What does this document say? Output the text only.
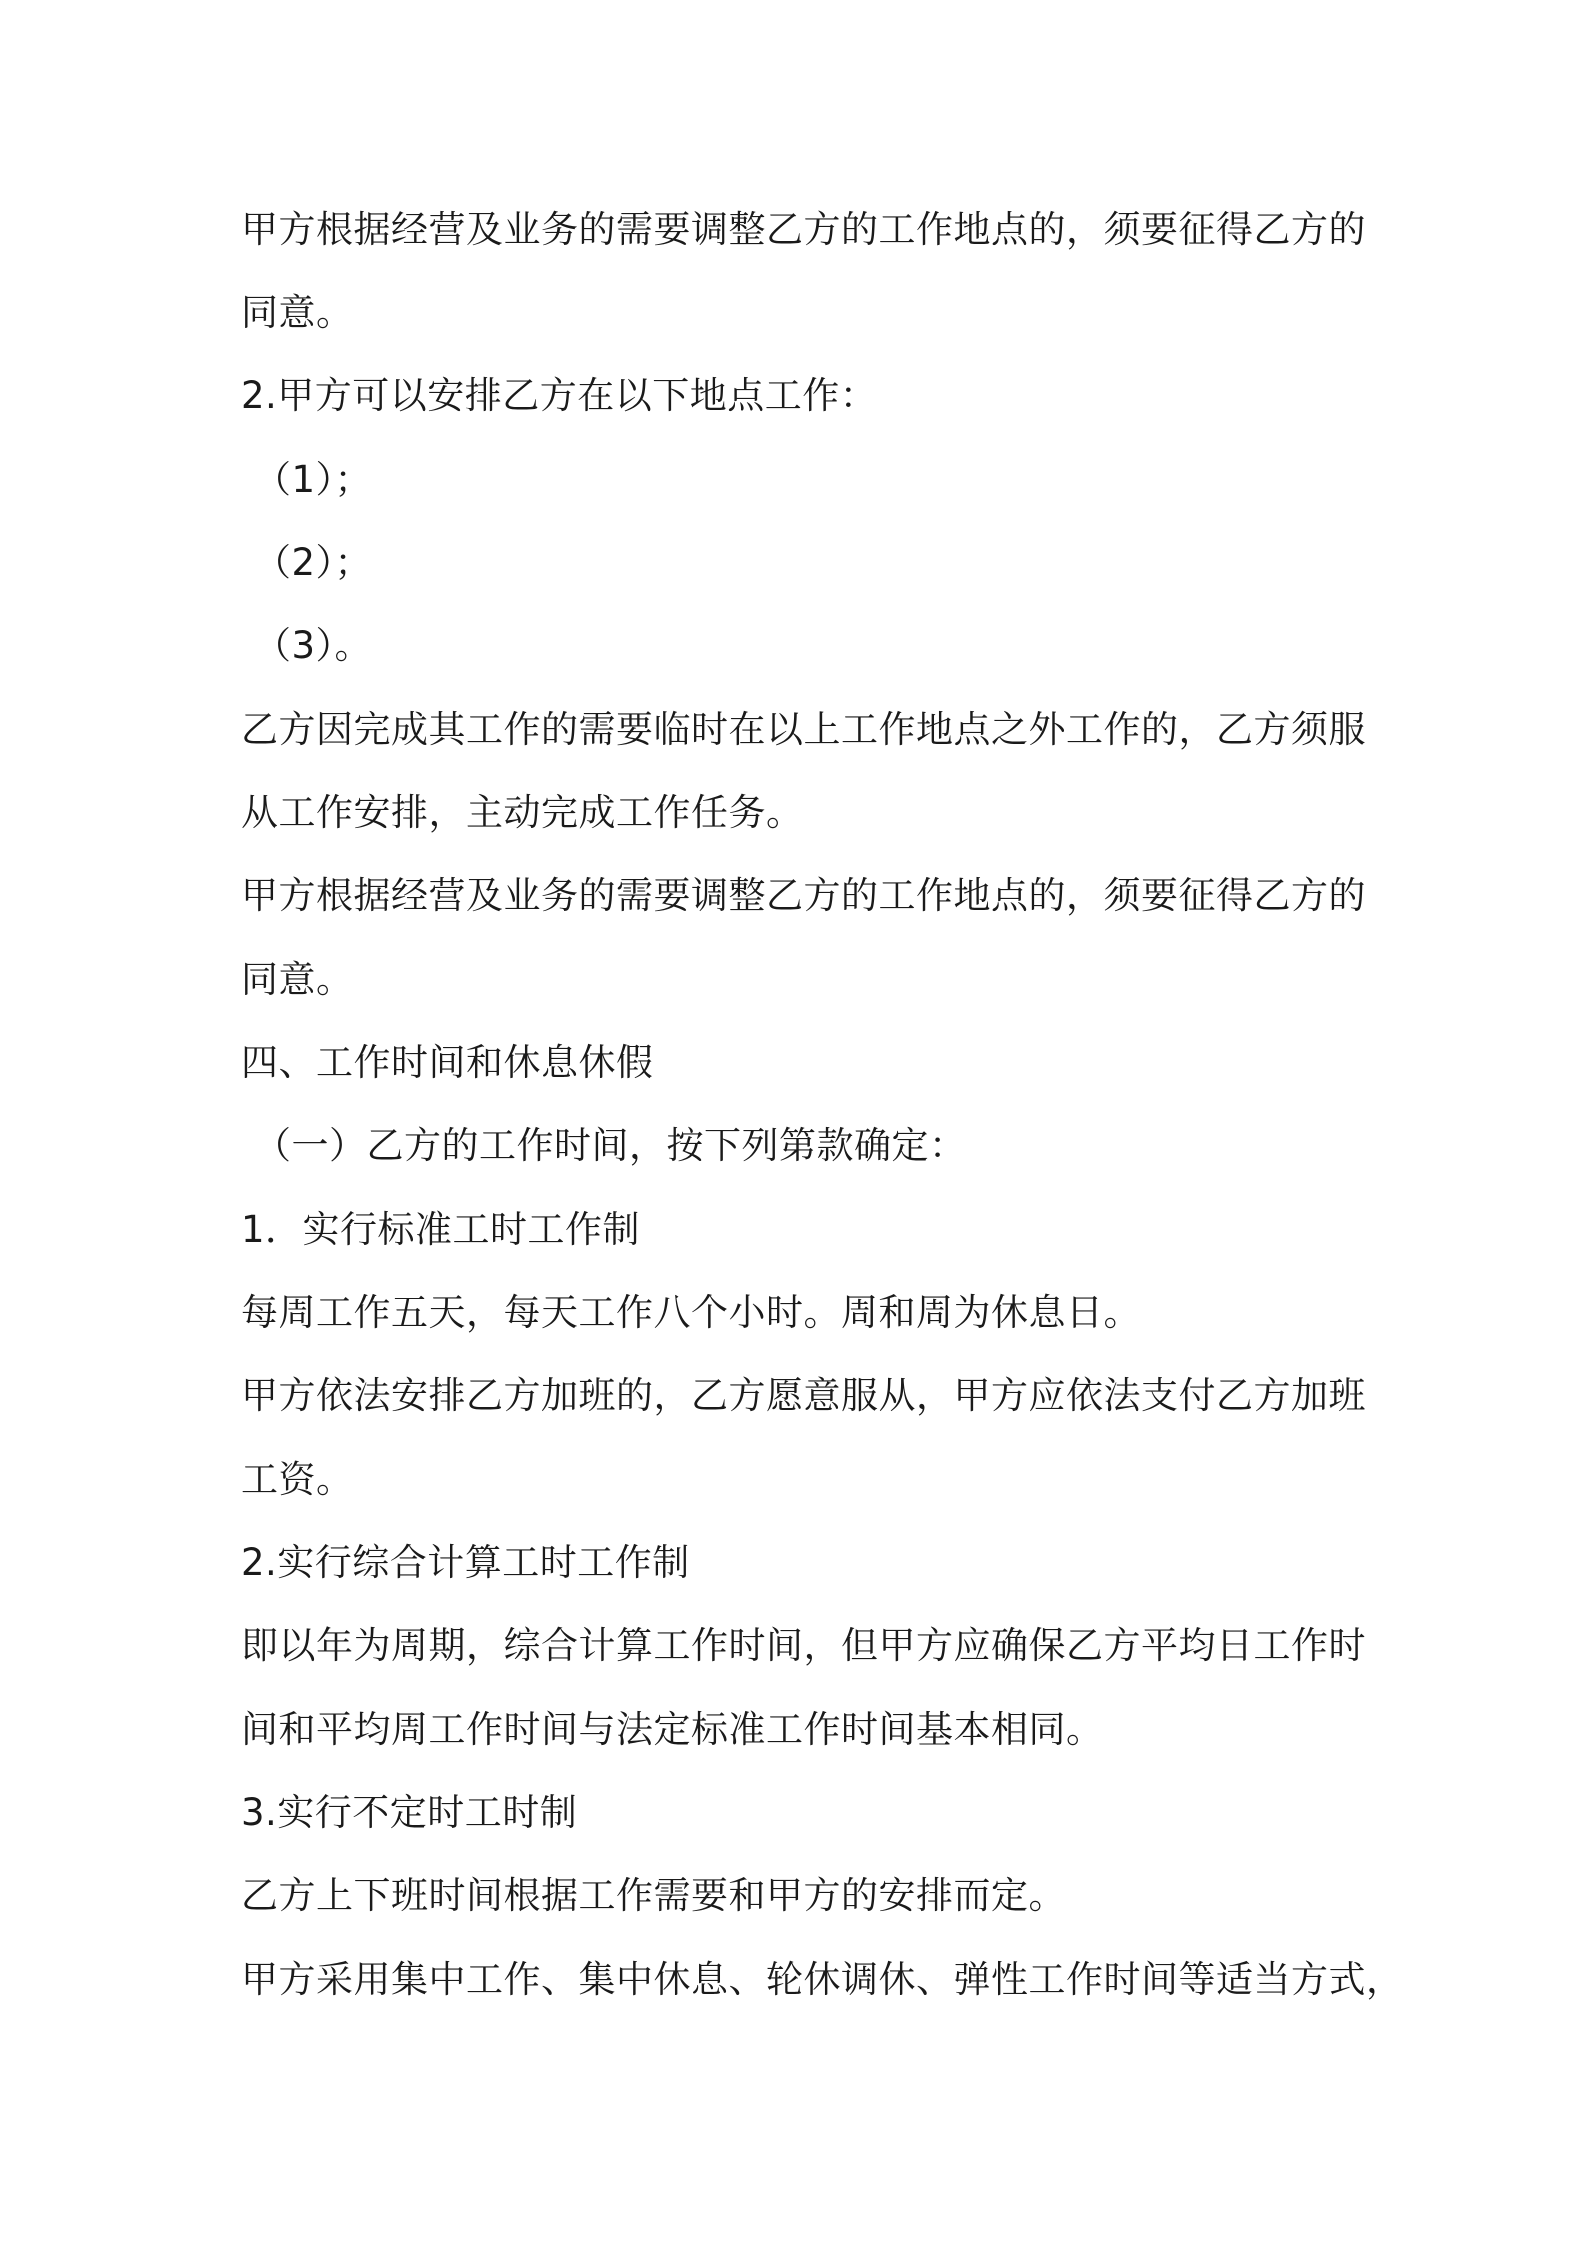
甲方根据经营及业务的需要调整乙方的工作地点的，须要征得乙方的
同意。
2.甲方可以安排乙方在以下地点工作：
（1）；
（2）；
（3）。
乙方因完成其工作的需要临时在以上工作地点之外工作的，乙方须服
从工作安排，主动完成工作任务。
甲方根据经营及业务的需要调整乙方的工作地点的，须要征得乙方的
同意。
四、工作时间和休息休假
（一）乙方的工作时间，按下列第款确定：
1．实行标准工时工作制
每周工作五天，每天工作八个小时。周和周为休息日。
甲方依法安排乙方加班的，乙方愿意服从，甲方应依法支付乙方加班
工资。
2.实行综合计算工时工作制
即以年为周期，综合计算工作时间，但甲方应确保乙方平均日工作时
间和平均周工作时间与法定标准工作时间基本相同。
3.实行不定时工时制
乙方上下班时间根据工作需要和甲方的安排而定。
甲方采用集中工作、集中休息、轮休调休、弹性工作时间等适当方式，
